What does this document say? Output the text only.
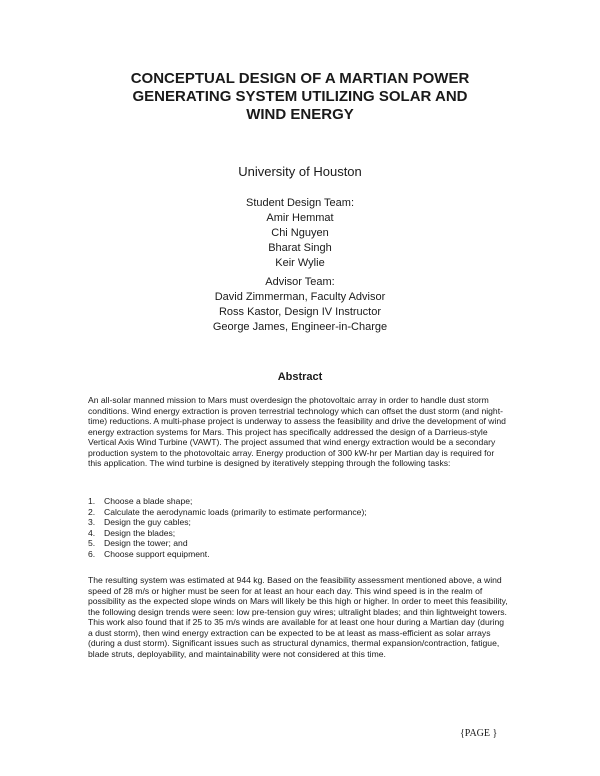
CONCEPTUAL DESIGN OF A MARTIAN POWER
GENERATING SYSTEM UTILIZING SOLAR AND
WIND ENERGY
University of Houston
Student Design Team:
Amir Hemmat
Chi Nguyen
Bharat Singh
Keir Wylie
Advisor Team:
David Zimmerman, Faculty Advisor
Ross Kastor, Design IV Instructor
George James, Engineer-in-Charge
Abstract

An all-solar manned mission to Mars must overdesign the photovoltaic array in order to handle dust storm conditions. Wind energy extraction is proven terrestrial technology which can offset the dust storm (and night-time) reductions. A multi-phase project is underway to assess the feasibility and drive the development of wind energy extraction systems for Mars. This project has specifically addressed the design of a Darrieus-style Vertical Axis Wind Turbine (VAWT). The project assumed that wind energy extraction would be a secondary production system to the photovoltaic array. Energy production of 300 kW-hr per Martian day is required for this application. The wind turbine is designed by iteratively stepping through the following tasks:

1.	Choose a blade shape;
2.	Calculate the aerodynamic loads (primarily to estimate performance);
3.	Design the guy cables;
4.	Design the blades;
5.	Design the tower; and
6.	Choose support equipment.

The resulting system was estimated at 944 kg. Based on the feasibility assessment mentioned above, a wind speed of 28 m/s or higher must be seen for at least an hour each day. This wind speed is in the realm of possibility as the expected slope winds on Mars will likely be this high or higher. In order to meet this feasibility, the following design trends were seen: low pre-tension guy wires; ultralight blades; and thin lightweight towers. This work also found that if 25 to 35 m/s winds are available for at least one hour during a Martian day (during a dust storm), then wind energy extraction can be expected to be at least as mass-efficient as solar arrays (during a dust storm). Significant issues such as structural dynamics, thermal expansion/contraction, fatigue, blade struts, deployability, and maintainability were not considered at this time.

{PAGE }
